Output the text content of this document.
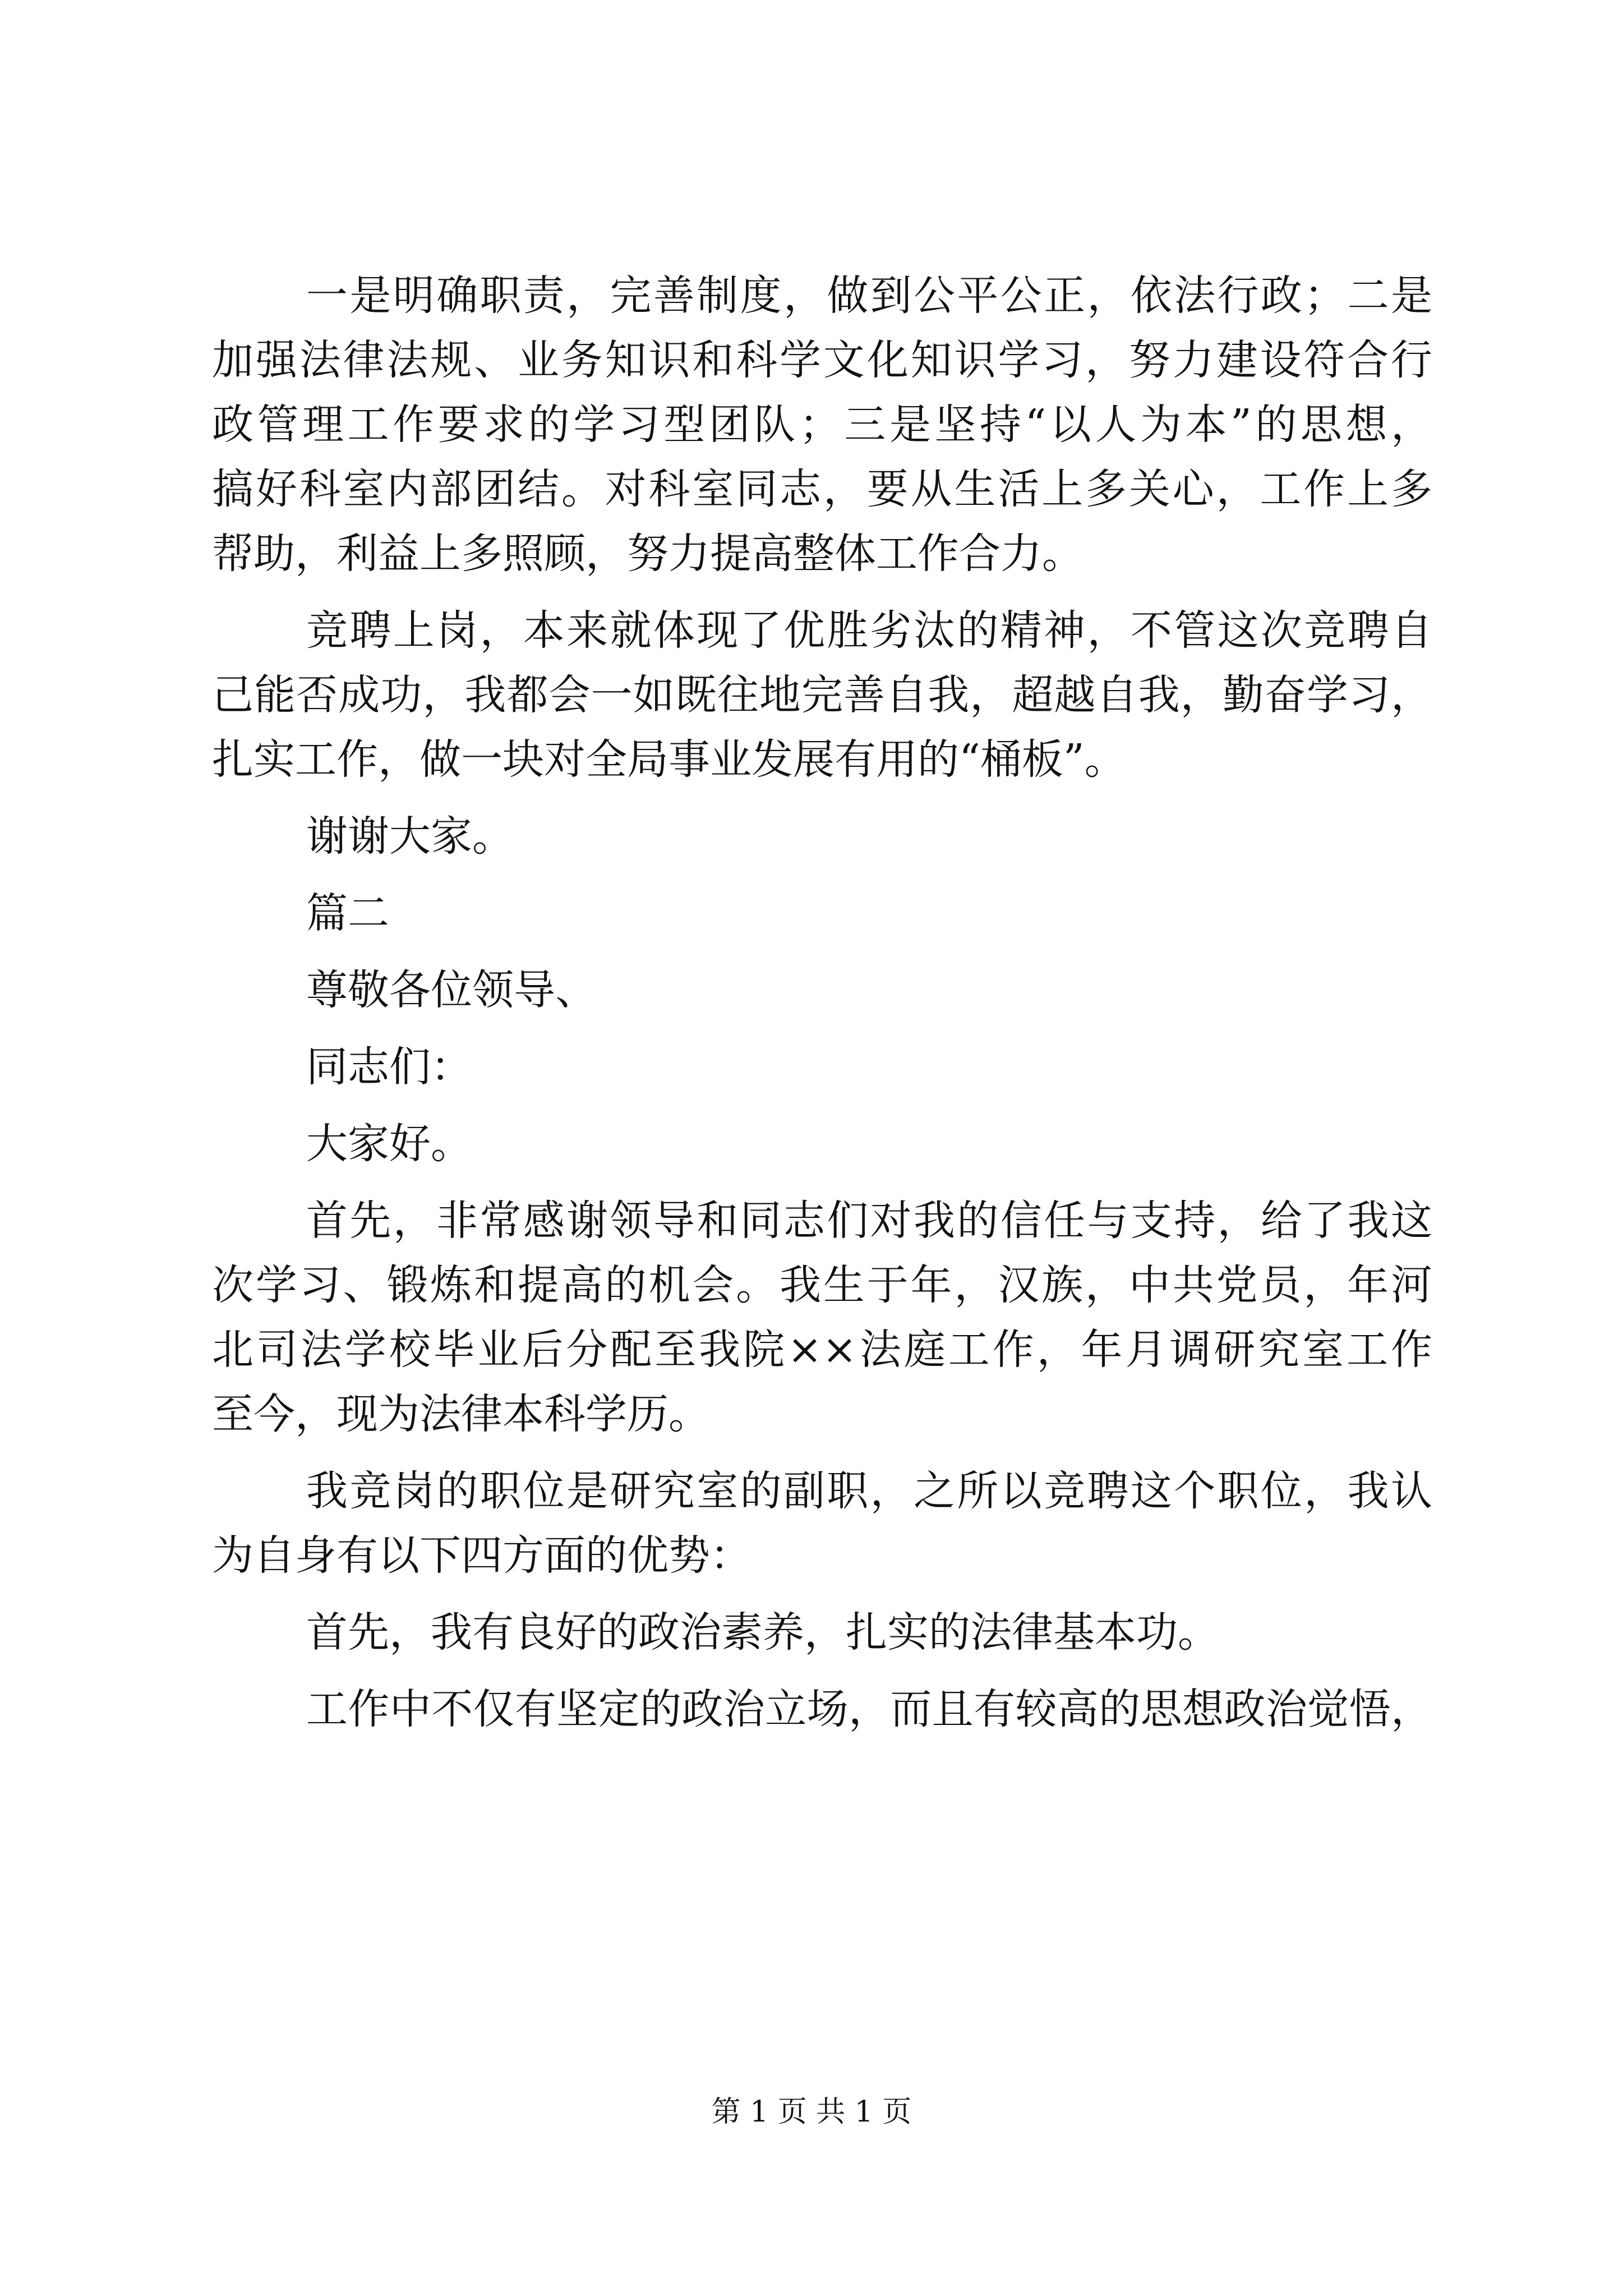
一是明确职责，完善制度，做到公平公正，依法行政；二是
加强法律法规、业务知识和科学文化知识学习，努力建设符合行
政管理工作要求的学习型团队；三是坚持“以人为本”的思想，
搞好科室内部团结。对科室同志，要从生活上多关心，工作上多
帮助，利益上多照顾，努力提高整体工作合力。
竞聘上岗，本来就体现了优胜劣汰的精神，不管这次竞聘自
己能否成功，我都会一如既往地完善自我，超越自我，勤奋学习，
扎实工作，做一块对全局事业发展有用的“桶板”。
谢谢大家。
篇二
尊敬各位领导、
同志们：
大家好。
首先，非常感谢领导和同志们对我的信任与支持，给了我这
次学习、锻炼和提高的机会。我生于年，汉族，中共党员，年河
北司法学校毕业后分配至我院××法庭工作，年月调研究室工作
至今，现为法律本科学历。
我竞岗的职位是研究室的副职，之所以竞聘这个职位，我认
为自身有以下四方面的优势：
首先，我有良好的政治素养，扎实的法律基本功。
工作中不仅有坚定的政治立场，而且有较高的思想政治觉悟，
第 1 页 共 1 页
